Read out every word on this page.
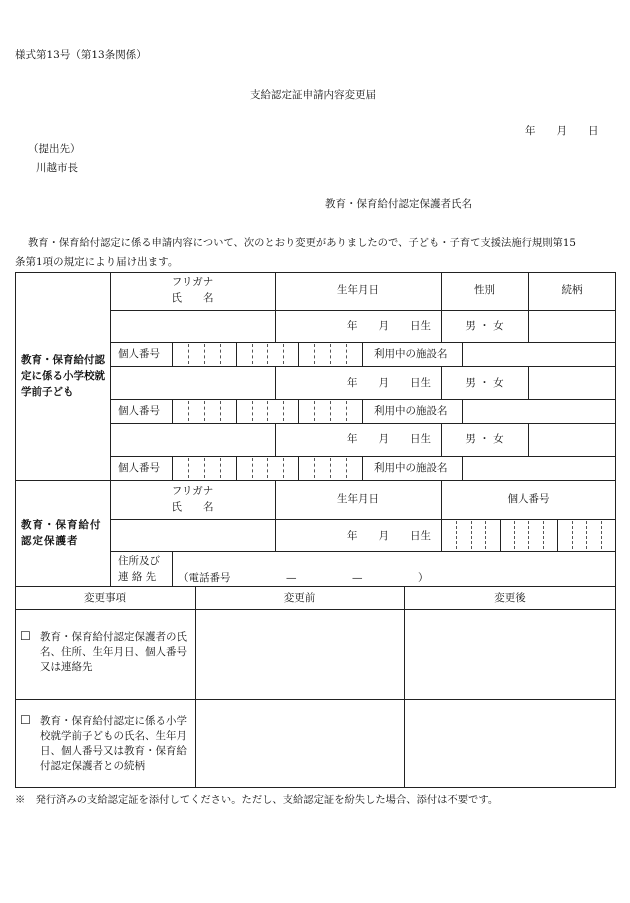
様式第13号（第13条関係）
支給認定証申請内容変更届
年　　月　　日
（提出先）
川越市長
教育・保育給付認定保護者氏名
教育・保育給付認定に係る申請内容について、次のとおり変更がありましたので、子ども・子育て支援法施行規則第15
条第1項の規定により届け出ます。
教育・保育給付認定に係る小学校就学前子ども
フリガナ
氏　　名
生年月日	性別	続柄
年　　月　　日生	男 ・ 女
個人番号	利用中の施設名
年　　月　　日生	男 ・ 女
個人番号	利用中の施設名
年　　月　　日生	男 ・ 女
個人番号	利用中の施設名
教育・保育給付認定保護者
フリガナ
氏　　名
生年月日	個人番号
年　　月　　日生
住所及び
連 絡 先 （電話番号	—	—	）
変更事項	変更前	変更後
☐ 教育・保育給付認定保護者の氏名、住所、生年月日、個人番号又は連絡先
☐ 教育・保育給付認定に係る小学校就学前子どもの氏名、生年月日、個人番号又は教育・保育給付認定保護者との続柄
※　発行済みの支給認定証を添付してください。ただし、支給認定証を紛失した場合、添付は不要です。
